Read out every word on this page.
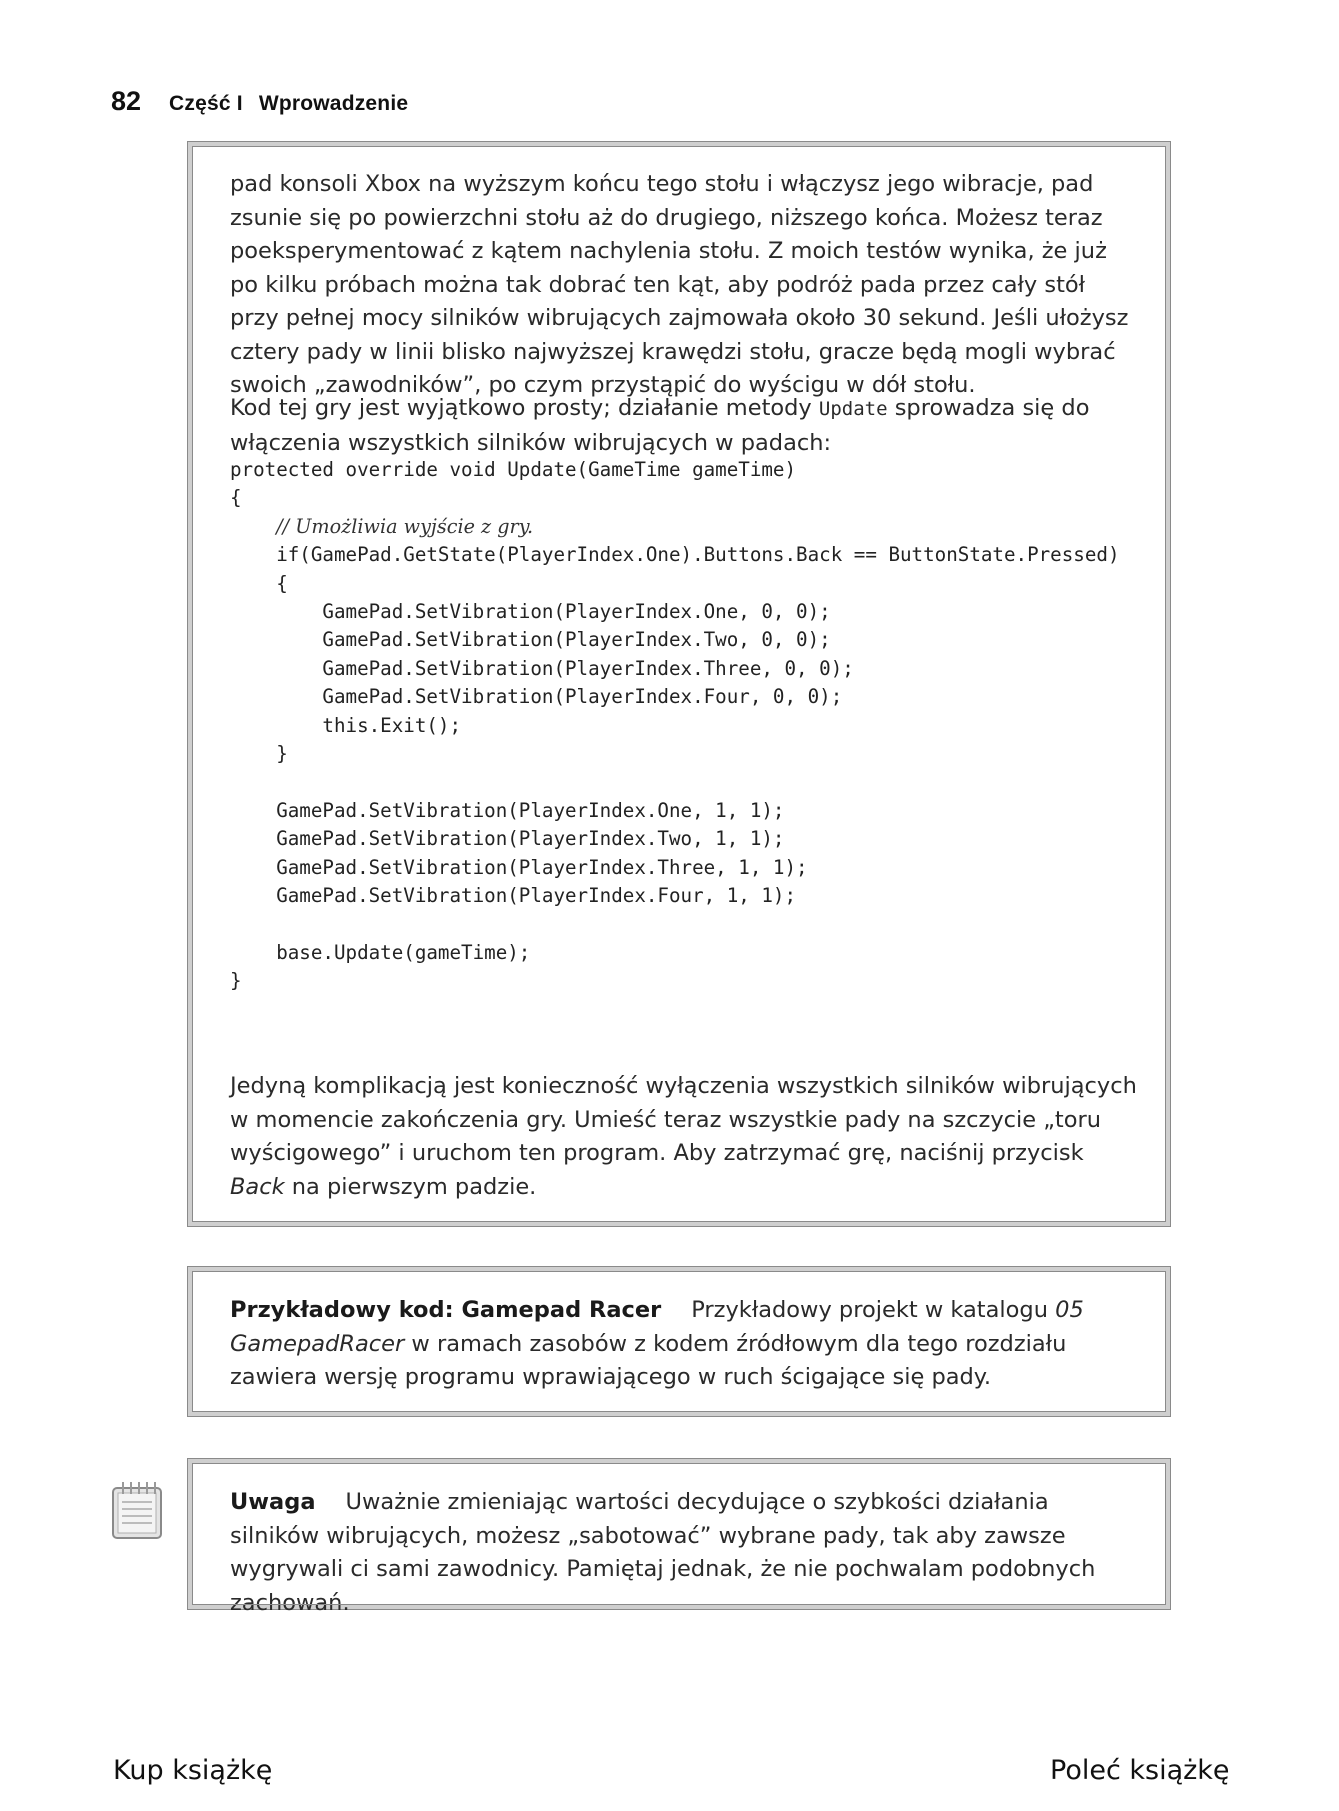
82 Część I Wprowadzenie

pad konsoli Xbox na wyższym końcu tego stołu i włączysz jego wibracje, pad zsunie się po powierzchni stołu aż do drugiego, niższego końca. Możesz teraz poeksperymentować z kątem nachylenia stołu. Z moich testów wynika, że już po kilku próbach można tak dobrać ten kąt, aby podróż pada przez cały stół przy pełnej mocy silników wibrujących zajmowała około 30 sekund. Jeśli ułożysz cztery pady w linii blisko najwyższej krawędzi stołu, gracze będą mogli wybrać swoich „zawodników”, po czym przystąpić do wyścigu w dół stołu.

Kod tej gry jest wyjątkowo prosty; działanie metody Update sprowadza się do włączenia wszystkich silników wibrujących w padach:

protected override void Update(GameTime gameTime)
{
// Umożliwia wyjście z gry.
if(GamePad.GetState(PlayerIndex.One).Buttons.Back == ButtonState.Pressed)
{
GamePad.SetVibration(PlayerIndex.One, 0, 0);
GamePad.SetVibration(PlayerIndex.Two, 0, 0);
GamePad.SetVibration(PlayerIndex.Three, 0, 0);
GamePad.SetVibration(PlayerIndex.Four, 0, 0);
this.Exit();
}

GamePad.SetVibration(PlayerIndex.One, 1, 1);
GamePad.SetVibration(PlayerIndex.Two, 1, 1);
GamePad.SetVibration(PlayerIndex.Three, 1, 1);
GamePad.SetVibration(PlayerIndex.Four, 1, 1);

base.Update(gameTime);
}

Jedyną komplikacją jest konieczność wyłączenia wszystkich silników wibrujących w momencie zakończenia gry. Umieść teraz wszystkie pady na szczycie „toru wyścigowego” i uruchom ten program. Aby zatrzymać grę, naciśnij przycisk Back na pierwszym padzie.

Przykładowy kod: Gamepad Racer Przykładowy projekt w katalogu 05 GamepadRacer w ramach zasobów z kodem źródłowym dla tego rozdziału zawiera wersję programu wprawiającego w ruch ścigające się pady.

Uwaga Uważnie zmieniając wartości decydujące o szybkości działania silników wibrujących, możesz „sabotować” wybrane pady, tak aby zawsze wygrywali ci sami zawodnicy. Pamiętaj jednak, że nie pochwalam podobnych zachowań.

Kup książkę	Poleć książkę
